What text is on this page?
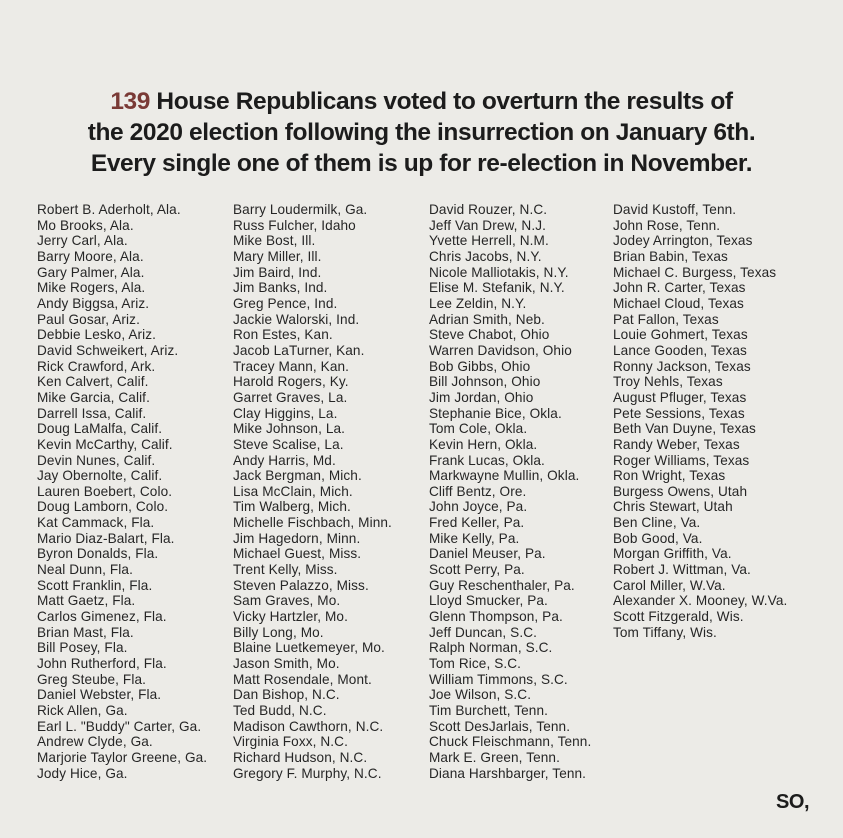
139 House Republicans voted to overturn the results of
the 2020 election following the insurrection on January 6th.
Every single one of them is up for re-election in November.
Robert B. Aderholt, Ala.
Mo Brooks, Ala.
Jerry Carl, Ala.
Barry Moore, Ala.
Gary Palmer, Ala.
Mike Rogers, Ala.
Andy Biggsa, Ariz.
Paul Gosar, Ariz.
Debbie Lesko, Ariz.
David Schweikert, Ariz.
Rick Crawford, Ark.
Ken Calvert, Calif.
Mike Garcia, Calif.
Darrell Issa, Calif.
Doug LaMalfa, Calif.
Kevin McCarthy, Calif.
Devin Nunes, Calif.
Jay Obernolte, Calif.
Lauren Boebert, Colo.
Doug Lamborn, Colo.
Kat Cammack, Fla.
Mario Diaz-Balart, Fla.
Byron Donalds, Fla.
Neal Dunn, Fla.
Scott Franklin, Fla.
Matt Gaetz, Fla.
Carlos Gimenez, Fla.
Brian Mast, Fla.
Bill Posey, Fla.
John Rutherford, Fla.
Greg Steube, Fla.
Daniel Webster, Fla.
Rick Allen, Ga.
Earl L. "Buddy" Carter, Ga.
Andrew Clyde, Ga.
Marjorie Taylor Greene, Ga.
Jody Hice, Ga.
Barry Loudermilk, Ga.
Russ Fulcher, Idaho
Mike Bost, Ill.
Mary Miller, Ill.
Jim Baird, Ind.
Jim Banks, Ind.
Greg Pence, Ind.
Jackie Walorski, Ind.
Ron Estes, Kan.
Jacob LaTurner, Kan.
Tracey Mann, Kan.
Harold Rogers, Ky.
Garret Graves, La.
Clay Higgins, La.
Mike Johnson, La.
Steve Scalise, La.
Andy Harris, Md.
Jack Bergman, Mich.
Lisa McClain, Mich.
Tim Walberg, Mich.
Michelle Fischbach, Minn.
Jim Hagedorn, Minn.
Michael Guest, Miss.
Trent Kelly, Miss.
Steven Palazzo, Miss.
Sam Graves, Mo.
Vicky Hartzler, Mo.
Billy Long, Mo.
Blaine Luetkemeyer, Mo.
Jason Smith, Mo.
Matt Rosendale, Mont.
Dan Bishop, N.C.
Ted Budd, N.C.
Madison Cawthorn, N.C.
Virginia Foxx, N.C.
Richard Hudson, N.C.
Gregory F. Murphy, N.C.
David Rouzer, N.C.
Jeff Van Drew, N.J.
Yvette Herrell, N.M.
Chris Jacobs, N.Y.
Nicole Malliotakis, N.Y.
Elise M. Stefanik, N.Y.
Lee Zeldin, N.Y.
Adrian Smith, Neb.
Steve Chabot, Ohio
Warren Davidson, Ohio
Bob Gibbs, Ohio
Bill Johnson, Ohio
Jim Jordan, Ohio
Stephanie Bice, Okla.
Tom Cole, Okla.
Kevin Hern, Okla.
Frank Lucas, Okla.
Markwayne Mullin, Okla.
Cliff Bentz, Ore.
John Joyce, Pa.
Fred Keller, Pa.
Mike Kelly, Pa.
Daniel Meuser, Pa.
Scott Perry, Pa.
Guy Reschenthaler, Pa.
Lloyd Smucker, Pa.
Glenn Thompson, Pa.
Jeff Duncan, S.C.
Ralph Norman, S.C.
Tom Rice, S.C.
William Timmons, S.C.
Joe Wilson, S.C.
Tim Burchett, Tenn.
Scott DesJarlais, Tenn.
Chuck Fleischmann, Tenn.
Mark E. Green, Tenn.
Diana Harshbarger, Tenn.
David Kustoff, Tenn.
John Rose, Tenn.
Jodey Arrington, Texas
Brian Babin, Texas
Michael C. Burgess, Texas
John R. Carter, Texas
Michael Cloud, Texas
Pat Fallon, Texas
Louie Gohmert, Texas
Lance Gooden, Texas
Ronny Jackson, Texas
Troy Nehls, Texas
August Pfluger, Texas
Pete Sessions, Texas
Beth Van Duyne, Texas
Randy Weber, Texas
Roger Williams, Texas
Ron Wright, Texas
Burgess Owens, Utah
Chris Stewart, Utah
Ben Cline, Va.
Bob Good, Va.
Morgan Griffith, Va.
Robert J. Wittman, Va.
Carol Miller, W.Va.
Alexander X. Mooney, W.Va.
Scott Fitzgerald, Wis.
Tom Tiffany, Wis.
SO,
